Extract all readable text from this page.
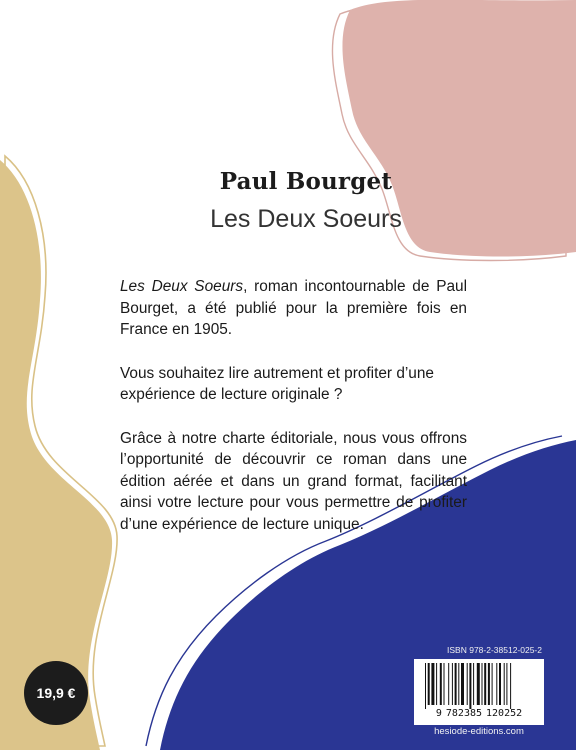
Paul Bourget
Les Deux Soeurs

Les Deux Soeurs, roman incontournable de Paul Bourget, a été publié pour la première fois en France en 1905.

Vous souhaitez lire autrement et profiter d’une expérience de lecture originale ?

Grâce à notre charte éditoriale, nous vous offrons l’opportunité de découvrir ce roman dans une édition aérée et dans un grand format, facilitant ainsi votre lecture pour vous permettre de profiter d’une expérience de lecture unique.

19,9 €
ISBN 978-2-38512-025-2
9 782385 120252
hesiode-editions.com
